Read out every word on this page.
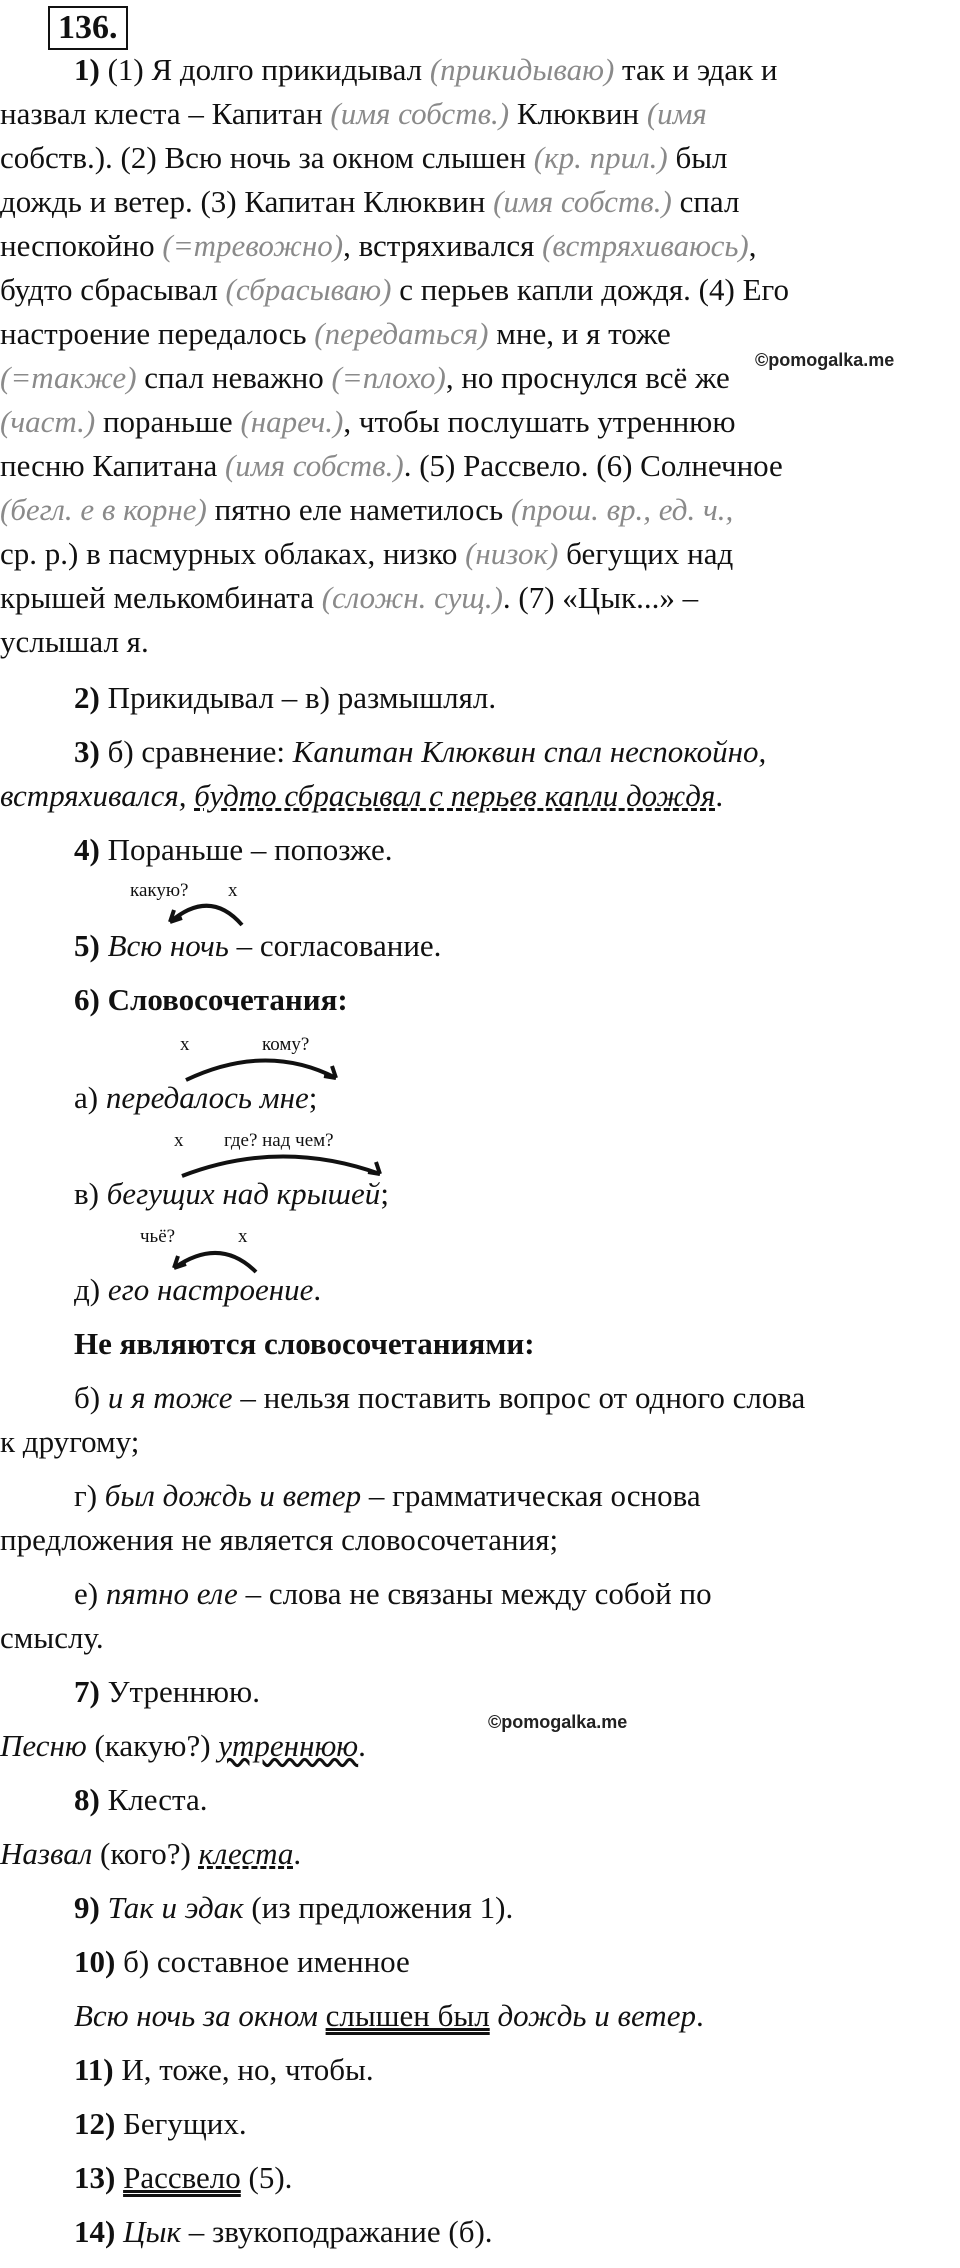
136.
1) (1) Я долго прикидывал (прикидываю) так и эдак и
назвал клеста – Капитан (имя собств.) Клюквин (имя
собств.). (2) Всю ночь за окном слышен (кр. прил.) был
дождь и ветер. (3) Капитан Клюквин (имя собств.) спал
неспокойно (=тревожно), встряхивался (встряхиваюсь),
будто сбрасывал (сбрасываю) с перьев капли дождя. (4) Его
настроение передалось (передаться) мне, и я тоже
(=также) спал неважно (=плохо), но проснулся всё же
(част.) пораньше (нареч.), чтобы послушать утреннюю
песню Капитана (имя собств.). (5) Рассвело. (6) Солнечное
(бегл. е в корне) пятно еле наметилось (прош. вр., ед. ч.,
ср. р.) в пасмурных облаках, низко (низок) бегущих над
крышей мелькомбината (сложн. сущ.). (7) «Цык...» –
услышал я.
©pomogalka.me
2) Прикидывал – в) размышлял.
3) б) сравнение: Капитан Клюквин спал неспокойно,
встряхивался, будто сбрасывал с перьев капли дождя.
4) Пораньше – попозже.
какую? x
5) Всю ночь – согласование.
6) Словосочетания:
x	кому?
а) передалось мне;
x где? над чем?
в) бегущих над крышей;
чьё?	x
д) его настроение.
Не являются словосочетаниями:
б) и я тоже – нельзя поставить вопрос от одного слова
к другому;
г) был дождь и ветер – грамматическая основа
предложения не является словосочетания;
е) пятно еле – слова не связаны между собой по
смыслу.
7) Утреннюю.
©pomogalka.me
Песню (какую?) утреннюю.
8) Клеста.
Назвал (кого?) клеста.
9) Так и эдак (из предложения 1).
10) б) составное именное
Всю ночь за окном слышен был дождь и ветер.
11) И, тоже, но, чтобы.
12) Бегущих.
13) Рассвело (5).
14) Цык – звукоподражание (б).
